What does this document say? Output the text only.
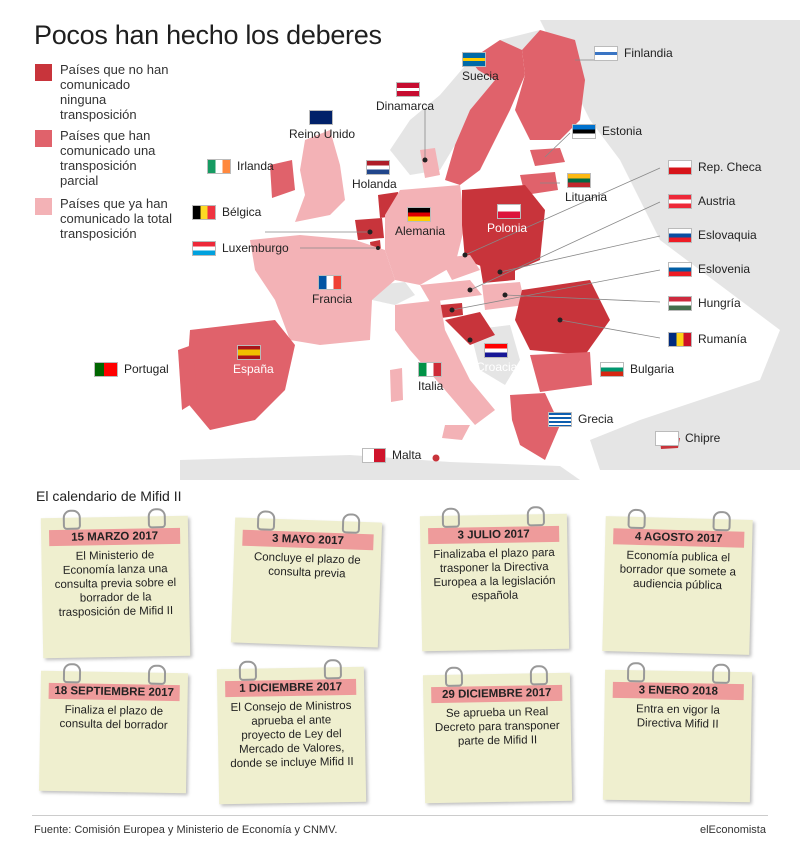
Pocos han hecho los deberes
Países que no han comunicado ninguna transposición
Países que han comunicado una transposición parcial
Países que ya han comunicado la total transposición
Finlandia
Suecia
Dinamarca
Estonia
Reino Unido
Irlanda
Holanda
Rep. Checa
Lituania
Bélgica
Alemania	Polonia
Austria
Luxemburgo
Eslovaquia
Francia
Eslovenia
Hungría
Rumanía
Portugal	España
Italia
Croacia	Bulgaria
Grecia
Chipre
Malta
El calendario de Mifid II
15 MARZO 2017
El Ministerio de Economía lanza una consulta previa sobre el borrador de la trasposición de Mifid II
3 MAYO 2017
Concluye el plazo de consulta previa
3 JULIO 2017
Finalizaba el plazo para trasponer la Directiva Europea a la legislación española
4 AGOSTO 2017
Economía publica el borrador que somete a audiencia pública
18 SEPTIEMBRE 2017
Finaliza el plazo de consulta del borrador
1 DICIEMBRE 2017
El Consejo de Ministros aprueba el ante proyecto de Ley del Mercado de Valores, donde se incluye Mifid II
29 DICIEMBRE 2017
Se aprueba un Real Decreto para transponer parte de Mifid II
3 ENERO 2018
Entra en vigor la Directiva Mifid II
Fuente: Comisión Europea y Ministerio de Economía y CNMV.	elEconomista
